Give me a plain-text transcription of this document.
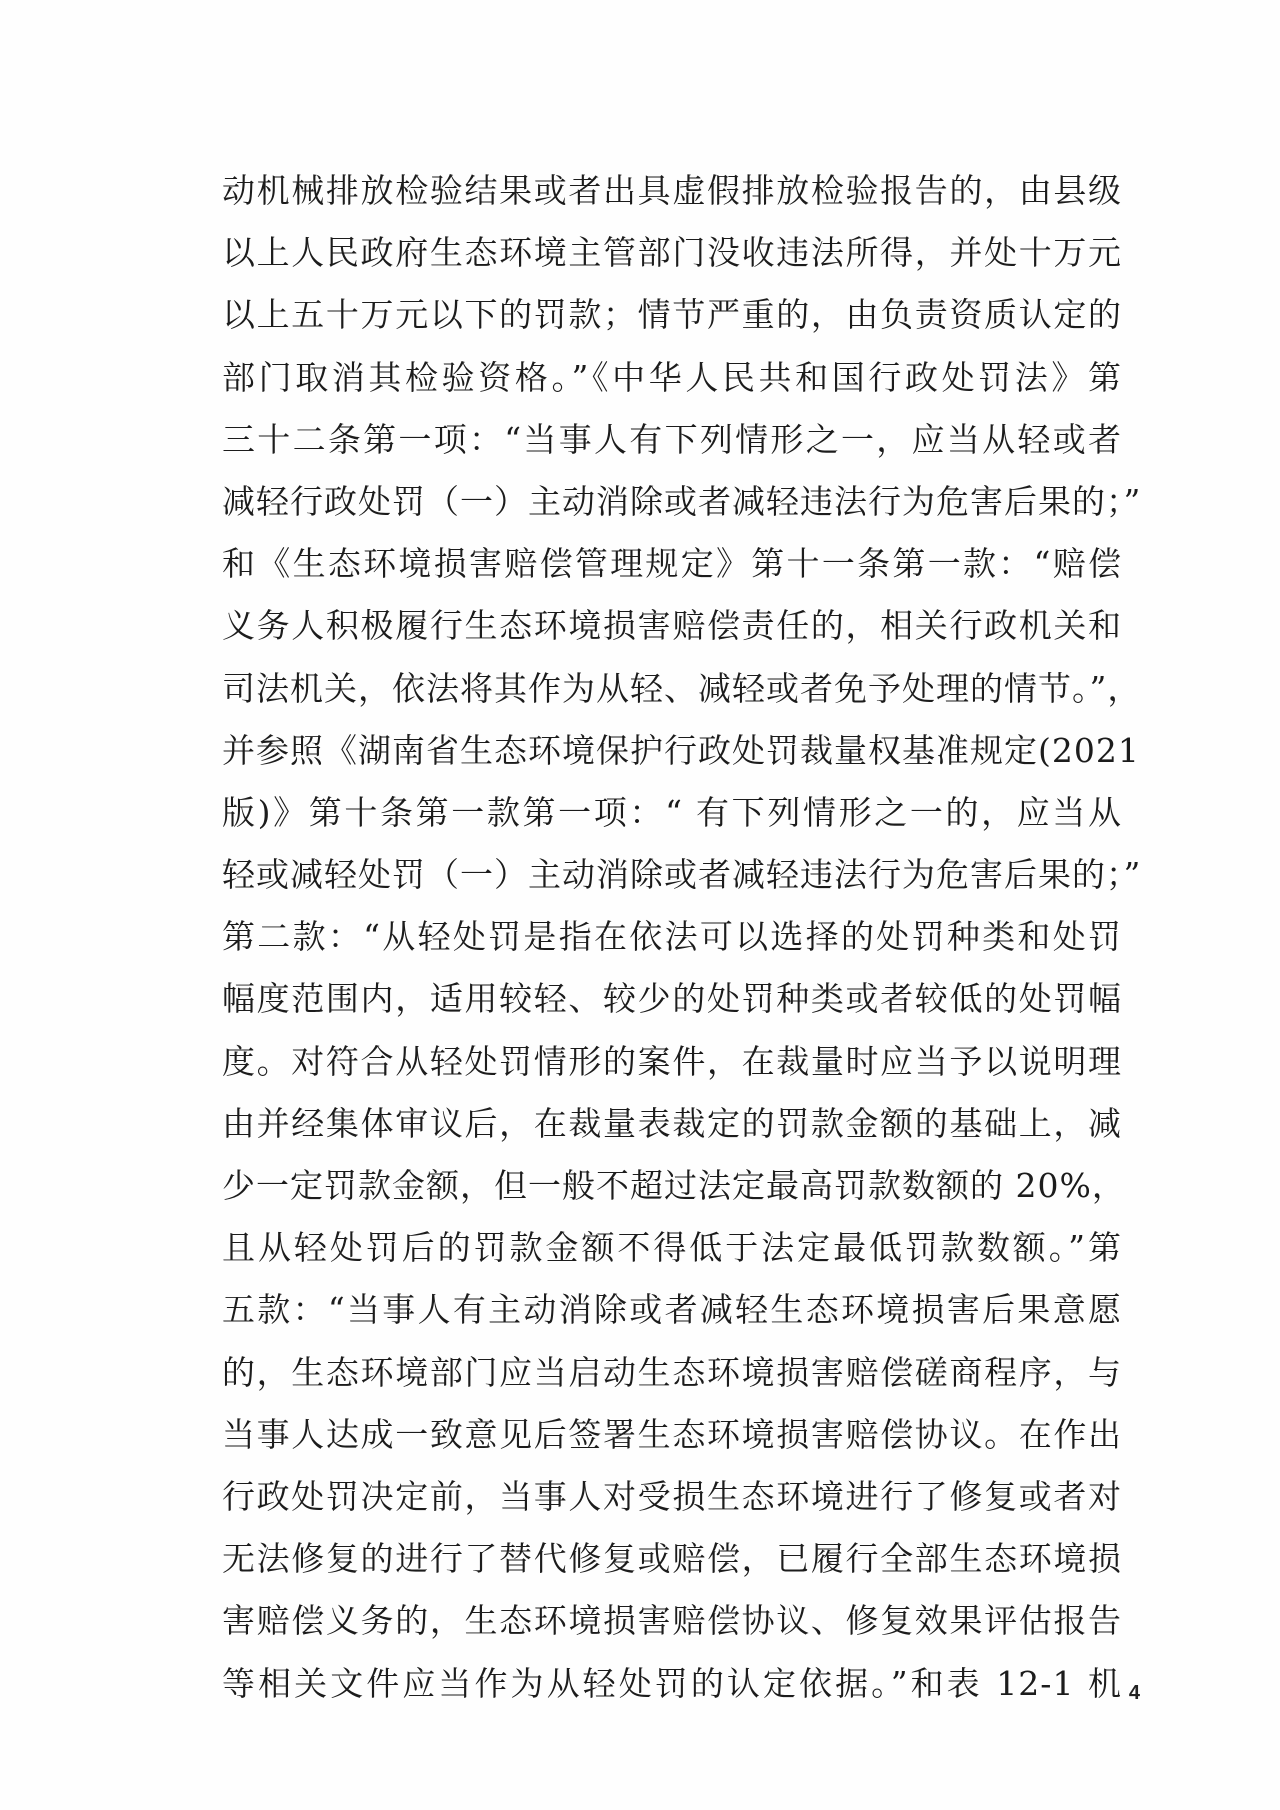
动机械排放检验结果或者出具虚假排放检验报告的，由县级
以上人民政府生态环境主管部门没收违法所得，并处十万元
以上五十万元以下的罚款；情节严重的，由负责资质认定的
部门取消其检验资格。”《中华人民共和国行政处罚法》第
三十二条第一项：“当事人有下列情形之一，应当从轻或者
减轻行政处罚（一）主动消除或者减轻违法行为危害后果的；”
和《生态环境损害赔偿管理规定》第十一条第一款：“赔偿
义务人积极履行生态环境损害赔偿责任的，相关行政机关和
司法机关，依法将其作为从轻、减轻或者免予处理的情节。”，
并参照《湖南省生态环境保护行政处罚裁量权基准规定(2021
版)》第十条第一款第一项：“ 有下列情形之一的，应当从
轻或减轻处罚（一）主动消除或者减轻违法行为危害后果的；”
第二款：“从轻处罚是指在依法可以选择的处罚种类和处罚
幅度范围内，适用较轻、较少的处罚种类或者较低的处罚幅
度。对符合从轻处罚情形的案件，在裁量时应当予以说明理
由并经集体审议后，在裁量表裁定的罚款金额的基础上，减
少一定罚款金额，但一般不超过法定最高罚款数额的 20%，
且从轻处罚后的罚款金额不得低于法定最低罚款数额。”第
五款：“当事人有主动消除或者减轻生态环境损害后果意愿
的，生态环境部门应当启动生态环境损害赔偿磋商程序，与
当事人达成一致意见后签署生态环境损害赔偿协议。在作出
行政处罚决定前，当事人对受损生态环境进行了修复或者对
无法修复的进行了替代修复或赔偿，已履行全部生态环境损
害赔偿义务的，生态环境损害赔偿协议、修复效果评估报告
等相关文件应当作为从轻处罚的认定依据。”和表 12-1 机 4
